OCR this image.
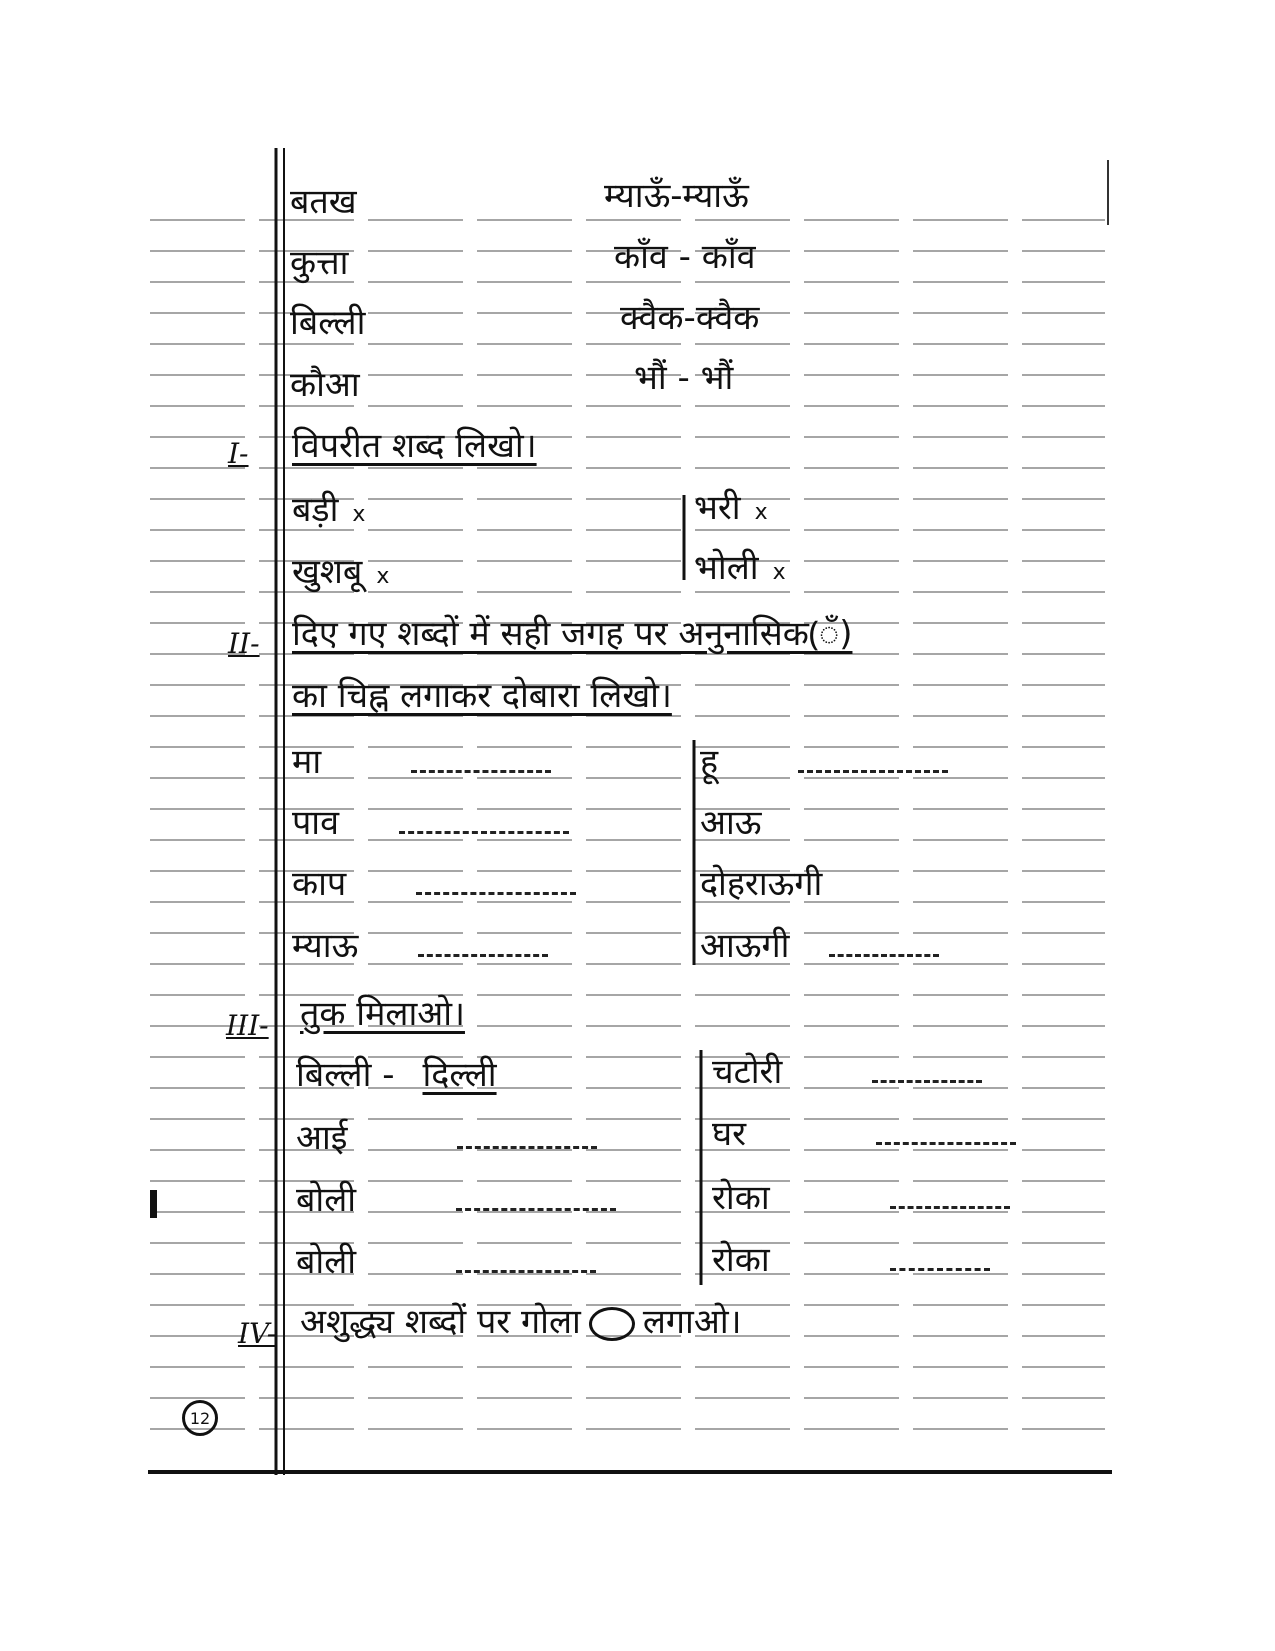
बतख
कुत्ता
बिल्ली
कौआ
म्याऊँ-म्याऊँ
काँव - काँव
क्वैक-क्वैक
भौं - भौं
I- विपरीत शब्द लिखो।
बड़ी x
खुशबू x
भरी x
भोली x
II- दिए गए शब्दों में सही जगह पर अनुनासिक(ँ)
का चिह्न लगाकर दोबारा लिखो।
मा
पाव
काप
म्याऊ
हू
आऊ
दोहराऊगी
आऊगी
III- तुक मिलाओ।
बिल्ली - दिल्ली
आई
बोली
बोली
चटोरी
घर
रोका
रोका
IV- अशुद्ध्य शब्दों पर गोला लगाओ।
12
